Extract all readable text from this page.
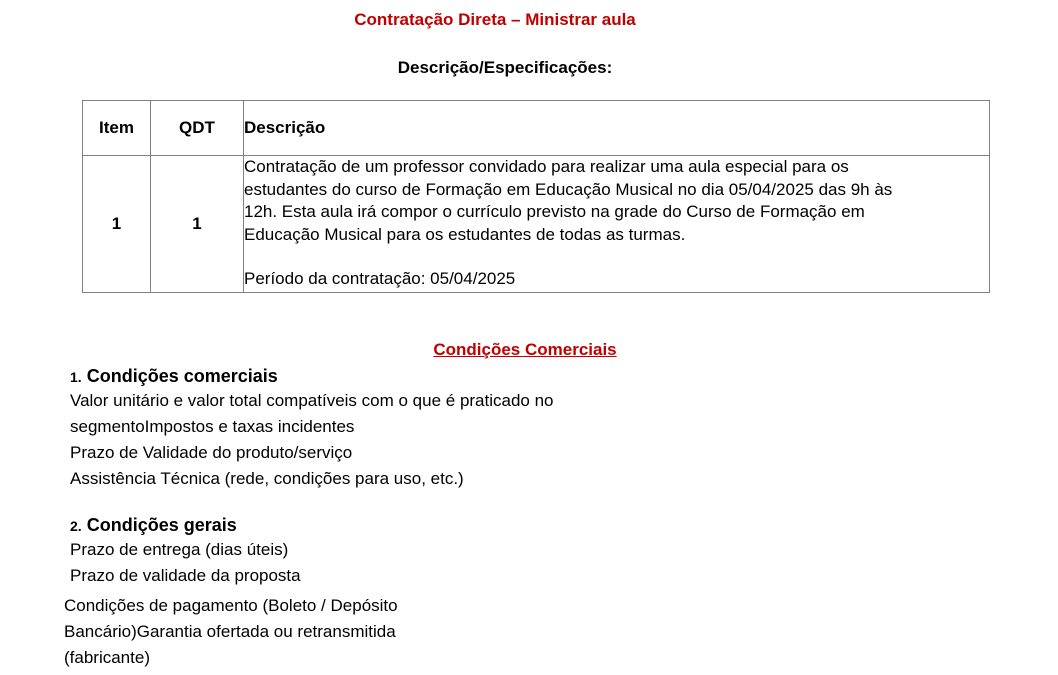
Contratação Direta – Ministrar aula
Descrição/Especificações:
Item	QDT	Descrição
1	1	Contratação de um professor convidado para realizar uma aula especial para os
estudantes do curso de Formação em Educação Musical no dia 05/04/2025 das 9h às
12h. Esta aula irá compor o currículo previsto na grade do Curso de Formação em
Educação Musical para os estudantes de todas as turmas.
Período da contratação: 05/04/2025
Condições Comerciais
1. Condições comerciais
Valor unitário e valor total compatíveis com o que é praticado no
segmentoImpostos e taxas incidentes
Prazo de Validade do produto/serviço
Assistência Técnica (rede, condições para uso, etc.)
2. Condições gerais
Prazo de entrega (dias úteis)
Prazo de validade da proposta
Condições de pagamento (Boleto / Depósito
Bancário)Garantia ofertada ou retransmitida
(fabricante)
